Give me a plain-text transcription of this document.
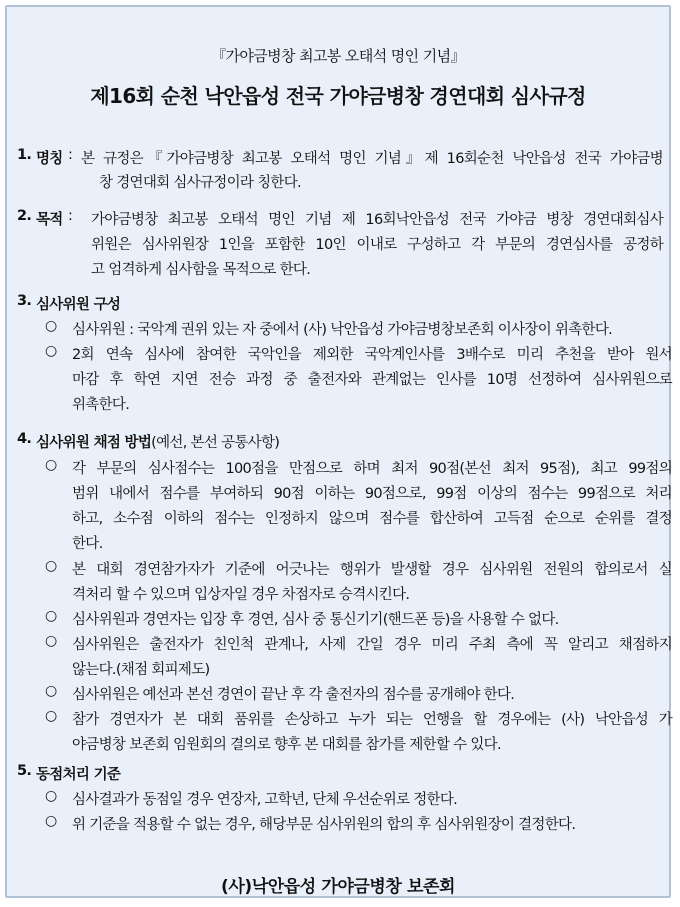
『가야금병창 최고봉 오태석 명인 기념』
제16회 순천 낙안읍성 전국 가야금병창 경연대회 심사규정
1. 명칭 : 본 규정은『가야금병창 최고봉 오태석 명인 기념』제 16회순천 낙안읍성 전국 가야금병
창 경연대회 심사규정이라 칭한다.
2. 목적 : 가야금병창 최고봉 오태석 명인 기념 제 16회낙안읍성 전국 가야금 병창 경연대회심사
위원은 심사위원장 1인을 포함한 10인 이내로 구성하고 각 부문의 경연심사를 공정하
고 엄격하게 심사함을 목적으로 한다.
3. 심사위원 구성
○ 심사위원 : 국악계 권위 있는 자 중에서 (사) 낙안읍성 가야금병창보존회 이사장이 위촉한다.
○ 2회 연속 심사에 참여한 국악인을 제외한 국악계인사를 3배수로 미리 추천을 받아 원서
마감 후 학연 지연 전승 과정 중 출전자와 관계없는 인사를 10명 선정하여 심사위원으로
위촉한다.
4. 심사위원 채점 방법(예선, 본선 공통사항)
○ 각 부문의 심사점수는 100점을 만점으로 하며 최저 90점(본선 최저 95점), 최고 99점의
범위 내에서 점수를 부여하되 90점 이하는 90점으로, 99점 이상의 점수는 99점으로 처리
하고, 소수점 이하의 점수는 인정하지 않으며 점수를 합산하여 고득점 순으로 순위를 결정
한다.
○ 본 대회 경연참가자가 기준에 어긋나는 행위가 발생할 경우 심사위원 전원의 합의로서 실
격처리 할 수 있으며 입상자일 경우 차점자로 승격시킨다.
○ 심사위원과 경연자는 입장 후 경연, 심사 중 통신기기(핸드폰 등)을 사용할 수 없다.
○ 심사위원은 출전자가 친인척 관계나, 사제 간일 경우 미리 주최 측에 꼭 알리고 채점하지
않는다.(채점 회피제도)
○ 심사위원은 예선과 본선 경연이 끝난 후 각 출전자의 점수를 공개해야 한다.
○ 참가 경연자가 본 대회 품위를 손상하고 누가 되는 언행을 할 경우에는 (사) 낙안읍성 가
야금병창 보존회 임원회의 결의로 향후 본 대회를 참가를 제한할 수 있다.
5. 동점처리 기준
○ 심사결과가 동점일 경우 연장자, 고학년, 단체 우선순위로 정한다.
○ 위 기준을 적용할 수 없는 경우, 해당부문 심사위원의 합의 후 심사위원장이 결정한다.
(사)낙안읍성 가야금병창 보존회
